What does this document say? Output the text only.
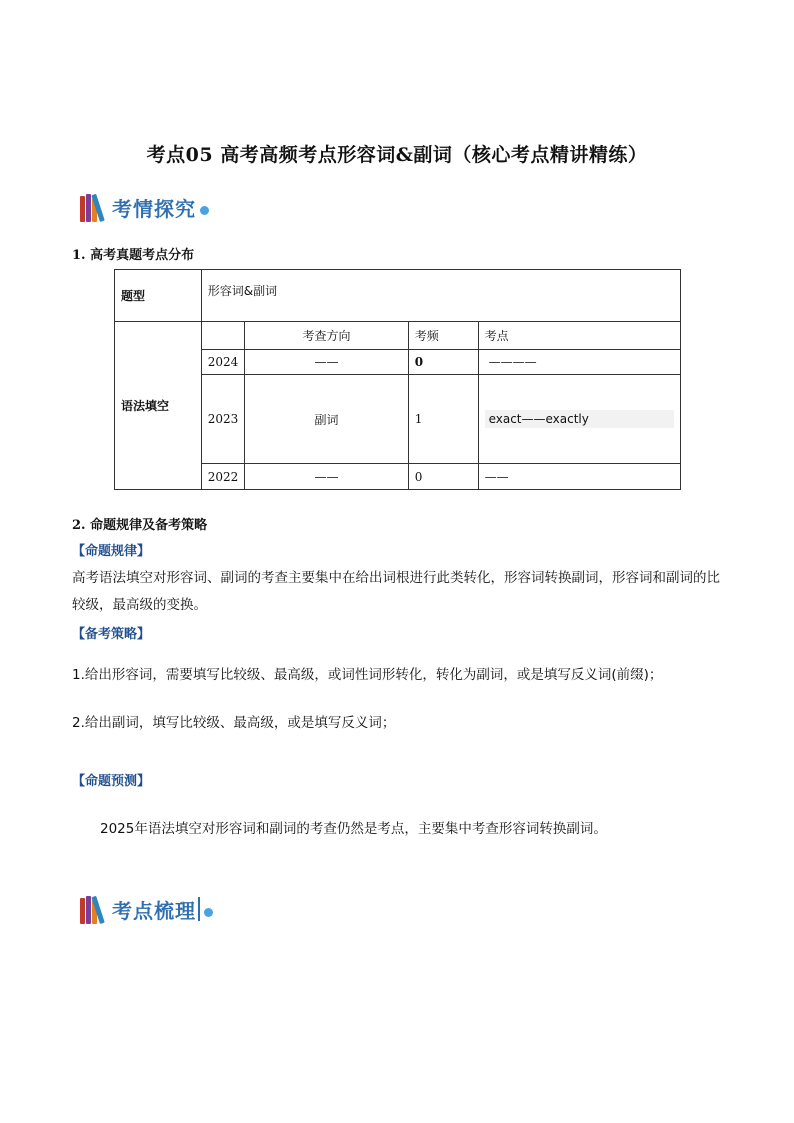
考点05 高考高频考点形容词&副词（核心考点精讲精练）
考情探究
1. 高考真题考点分布
题型	形容词&副词			
语法填空		考查方向	考频	考点
	2024	——	0	————
	2023	副词	1	exact——exactly

	2022	——	0	——
2. 命题规律及备考策略
【命题规律】
高考语法填空对形容词、副词的考查主要集中在给出词根进行此类转化，形容词转换副词，形容词和副词的比较级，最高级的变换。
【备考策略】
1.给出形容词，需要填写比较级、最高级，或词性词形转化，转化为副词，或是填写反义词(前缀)；
2.给出副词，填写比较级、最高级，或是填写反义词；
【命题预测】
2025年语法填空对形容词和副词的考查仍然是考点，主要集中考查形容词转换副词。
考点梳理
